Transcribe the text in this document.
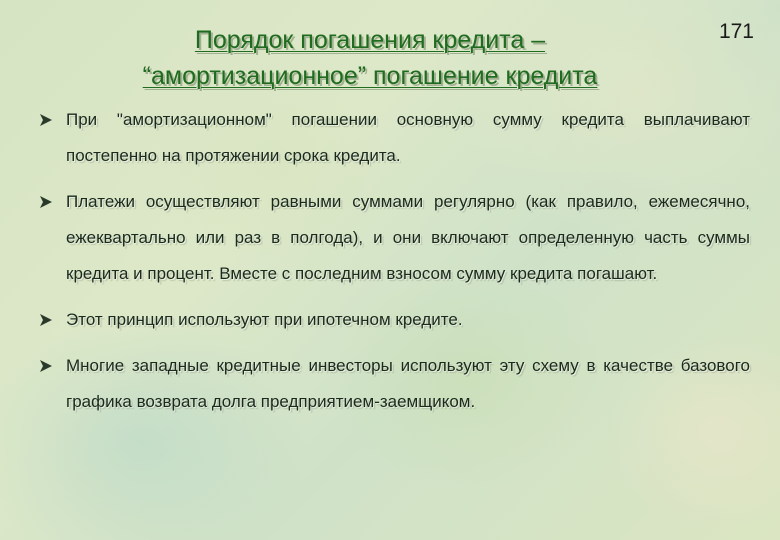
171
Порядок погашения кредита –
“амортизационное” погашение кредита
При "амортизационном" погашении основную сумму кредита выплачивают постепенно на протяжении срока кредита.
Платежи осуществляют равными суммами регулярно (как правило, ежемесячно, ежеквартально или раз в полгода), и они включают определенную часть суммы кредита и процент. Вместе с последним взносом сумму кредита погашают.
Этот принцип используют при ипотечном кредите.
Многие западные кредитные инвесторы используют эту схему в качестве базового графика возврата долга предприятием-заемщиком.
